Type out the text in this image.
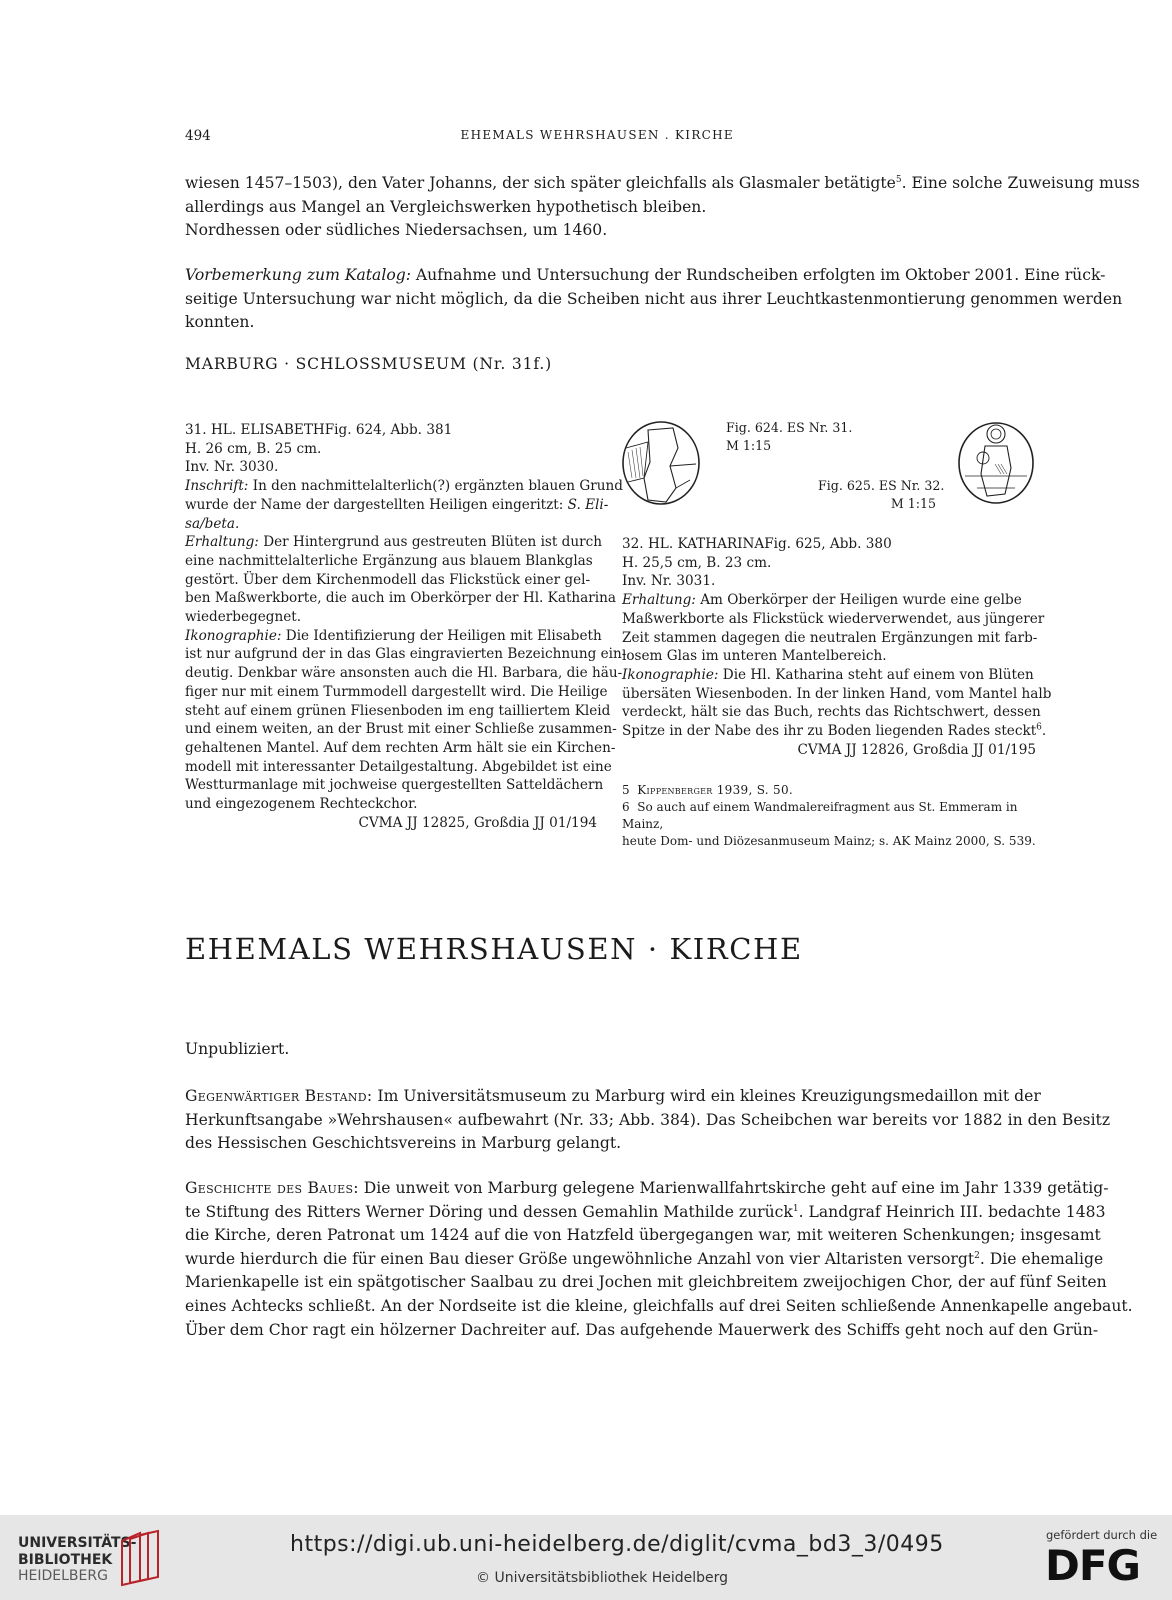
494	EHEMALS WEHRSHAUSEN . KIRCHE
wiesen 1457–1503), den Vater Johanns, der sich später gleichfalls als Glasmaler betätigte$^5$. Eine solche Zuweisung muss
allerdings aus Mangel an Vergleichswerken hypothetisch bleiben.
Nordhessen oder südliches Niedersachsen, um 1460.
Vorbemerkung zum Katalog: Aufnahme und Untersuchung der Rundscheiben erfolgten im Oktober 2001. Eine rück-
seitige Untersuchung war nicht möglich, da die Scheiben nicht aus ihrer Leuchtkastenmontierung genommen werden
konnten.
MARBURG · SCHLOSSMUSEUM (Nr. 31f.)
31. HL. ELISABETHFig. 624, Abb. 381
H. 26 cm, B. 25 cm.
Inv. Nr. 3030.
Inschrift: In den nachmittelalterlich(?) ergänzten blauen Grund
wurde der Name der dargestellten Heiligen eingeritzt: S. Eli-
sa/beta.
Erhaltung: Der Hintergrund aus gestreuten Blüten ist durch
eine nachmittelalterliche Ergänzung aus blauem Blankglas
gestört. Über dem Kirchenmodell das Flickstück einer gel-
ben Maßwerkborte, die auch im Oberkörper der Hl. Katharina
wiederbegegnet.
Ikonographie: Die Identifizierung der Heiligen mit Elisabeth
ist nur aufgrund der in das Glas eingravierten Bezeichnung ein-
deutig. Denkbar wäre ansonsten auch die Hl. Barbara, die häu-
figer nur mit einem Turmmodell dargestellt wird. Die Heilige
steht auf einem grünen Fliesenboden im eng tailliertem Kleid
und einem weiten, an der Brust mit einer Schließe zusammen-
gehaltenen Mantel. Auf dem rechten Arm hält sie ein Kirchen-
modell mit interessanter Detailgestaltung. Abgebildet ist eine
Westturmanlage mit jochweise quergestellten Satteldächern
und eingezogenem Rechteckchor.
CVMA JJ 12825, Großdia JJ 01/194
Fig. 624. ES Nr. 31.
M 1:15
Fig. 625. ES Nr. 32.
M 1:15
32. HL. KATHARINAFig. 625, Abb. 380
H. 25,5 cm, B. 23 cm.
Inv. Nr. 3031.
Erhaltung: Am Oberkörper der Heiligen wurde eine gelbe
Maßwerkborte als Flickstück wiederverwendet, aus jüngerer
Zeit stammen dagegen die neutralen Ergänzungen mit farb-
losem Glas im unteren Mantelbereich.
Ikonographie: Die Hl. Katharina steht auf einem von Blüten
übersäten Wiesenboden. In der linken Hand, vom Mantel halb
verdeckt, hält sie das Buch, rechts das Richtschwert, dessen
Spitze in der Nabe des ihr zu Boden liegenden Rades steckt$^6$.
CVMA JJ 12826, Großdia JJ 01/195
5 Kippenberger 1939, S. 50.
6 So auch auf einem Wandmalereifragment aus St. Emmeram in Mainz,
heute Dom- und Diözesanmuseum Mainz; s. AK Mainz 2000, S. 539.
EHEMALS WEHRSHAUSEN · KIRCHE
Unpubliziert.
Gegenwärtiger Bestand: Im Universitätsmuseum zu Marburg wird ein kleines Kreuzigungsmedaillon mit der
Herkunftsangabe »Wehrshausen« aufbewahrt (Nr. 33; Abb. 384). Das Scheibchen war bereits vor 1882 in den Besitz
des Hessischen Geschichtsvereins in Marburg gelangt.
Geschichte des Baues: Die unweit von Marburg gelegene Marienwallfahrtskirche geht auf eine im Jahr 1339 getätig-
te Stiftung des Ritters Werner Döring und dessen Gemahlin Mathilde zurück$^1$. Landgraf Heinrich III. bedachte 1483
die Kirche, deren Patronat um 1424 auf die von Hatzfeld übergegangen war, mit weiteren Schenkungen; insgesamt
wurde hierdurch die für einen Bau dieser Größe ungewöhnliche Anzahl von vier Altaristen versorgt$^2$. Die ehemalige
Marienkapelle ist ein spätgotischer Saalbau zu drei Jochen mit gleichbreitem zweijochigen Chor, der auf fünf Seiten
eines Achtecks schließt. An der Nordseite ist die kleine, gleichfalls auf drei Seiten schließende Annenkapelle angebaut.
Über dem Chor ragt ein hölzerner Dachreiter auf. Das aufgehende Mauerwerk des Schiffs geht noch auf den Grün-
UNIVERSITÄTS-
BIBLIOTHEK
HEIDELBERG
https://digi.ub.uni-heidelberg.de/diglit/cvma_bd3_3/0495
© Universitätsbibliothek Heidelberg
gefördert durch die
DFG
